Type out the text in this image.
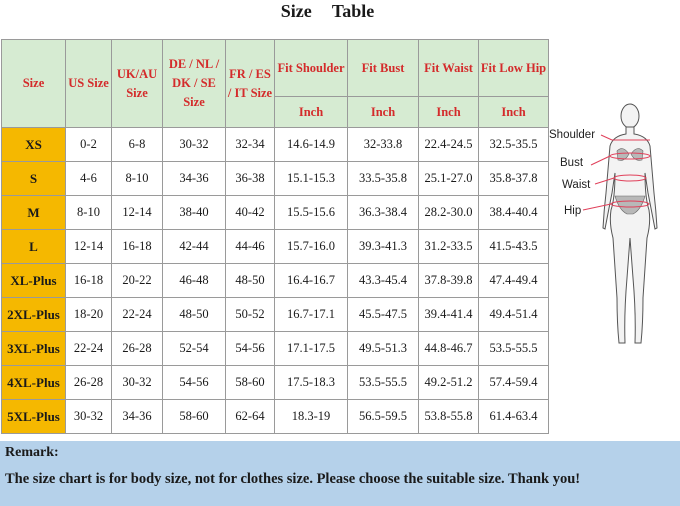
Size Table
Size	US Size	UK/AU Size	DE / NL / DK / SE Size	FR / ES / IT Size	Fit Shoulder	Fit Bust	Fit Waist	Fit Low Hip
					Inch	Inch	Inch	Inch
XS	0-2	6-8	30-32	32-34	14.6-14.9	32-33.8	22.4-24.5	32.5-35.5
S	4-6	8-10	34-36	36-38	15.1-15.3	33.5-35.8	25.1-27.0	35.8-37.8
M	8-10	12-14	38-40	40-42	15.5-15.6	36.3-38.4	28.2-30.0	38.4-40.4
L	12-14	16-18	42-44	44-46	15.7-16.0	39.3-41.3	31.2-33.5	41.5-43.5
XL-Plus	16-18	20-22	46-48	48-50	16.4-16.7	43.3-45.4	37.8-39.8	47.4-49.4
2XL-Plus	18-20	22-24	48-50	50-52	16.7-17.1	45.5-47.5	39.4-41.4	49.4-51.4
3XL-Plus	22-24	26-28	52-54	54-56	17.1-17.5	49.5-51.3	44.8-46.7	53.5-55.5
4XL-Plus	26-28	30-32	54-56	58-60	17.5-18.3	53.5-55.5	49.2-51.2	57.4-59.4
5XL-Plus	30-32	34-36	58-60	62-64	18.3-19	56.5-59.5	53.8-55.8	61.4-63.4
Shoulder
Bust
Waist
Hip
Remark:
The size chart is for body size, not for clothes size. Please choose the suitable size. Thank you!
